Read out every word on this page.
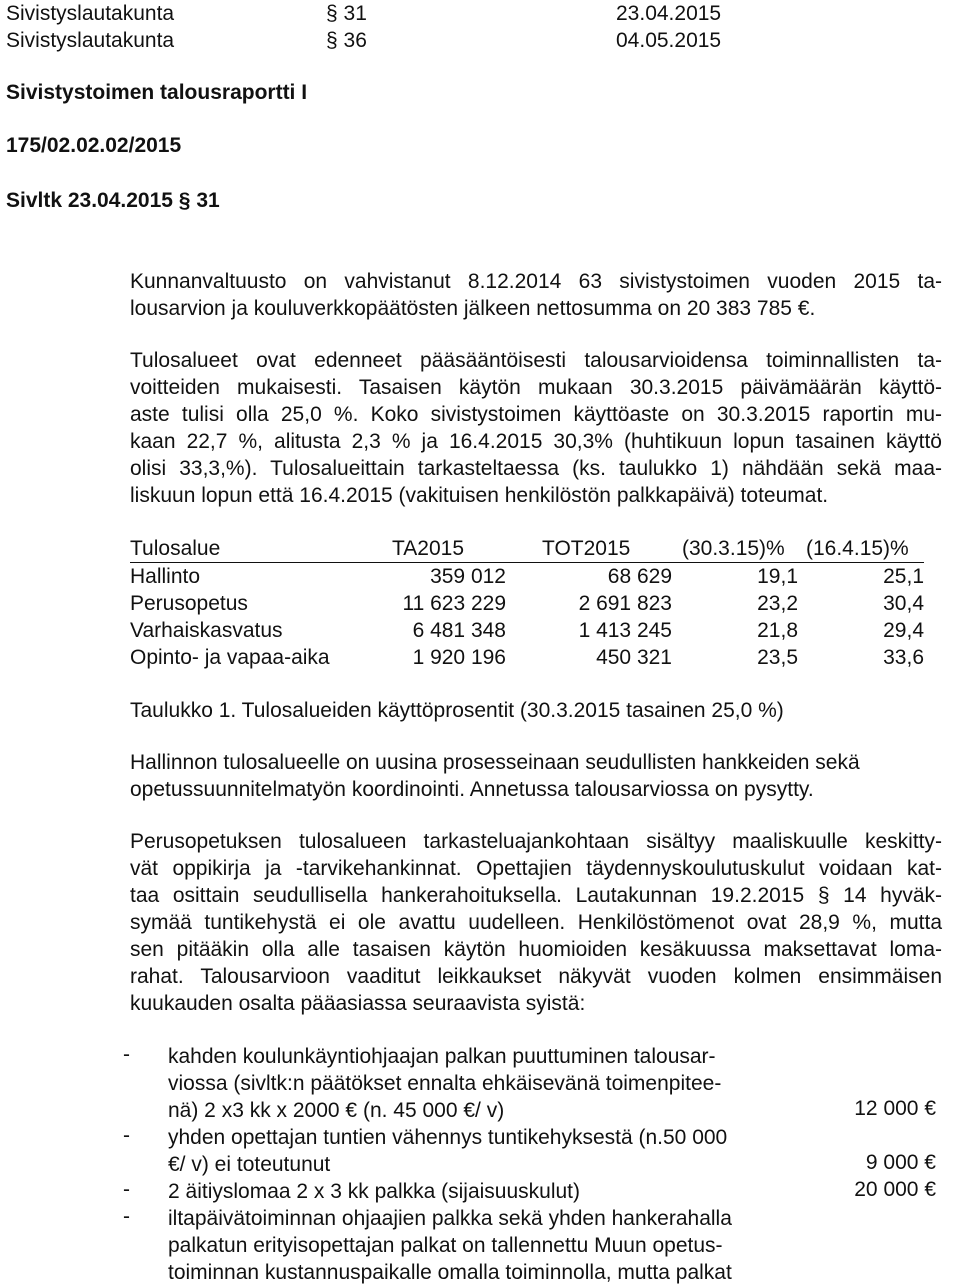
Sivistyslautakunta	§ 31	23.04.2015
Sivistyslautakunta	§ 36	04.05.2015
Sivistystoimen talousraportti I
175/02.02.02/2015
Sivltk 23.04.2015 § 31
Kunnanvaltuusto on vahvistanut 8.12.2014 63 sivistystoimen vuoden 2015 ta-
lousarvion ja kouluverkkopäätösten jälkeen nettosumma on 20 383 785 €.
Tulosalueet ovat edenneet pääsääntöisesti talousarvioidensa toiminnallisten ta-
voitteiden mukaisesti. Tasaisen käytön mukaan 30.3.2015 päivämäärän käyttö-
aste tulisi olla 25,0 %. Koko sivistystoimen käyttöaste on 30.3.2015 raportin mu-
kaan 22,7 %, alitusta 2,3 % ja 16.4.2015 30,3% (huhtikuun lopun tasainen käyttö
olisi 33,3,%). Tulosalueittain tarkasteltaessa (ks. taulukko 1) nähdään sekä maa-
liskuun lopun että 16.4.2015 (vakituisen henkilöstön palkkapäivä) toteumat.
Tulosalue	TA2015	TOT2015	(30.3.15)%	(16.4.15)%
Hallinto	359 012	68 629	19,1	25,1
Perusopetus	11 623 229	2 691 823	23,2	30,4
Varhaiskasvatus	6 481 348	1 413 245	21,8	29,4
Opinto- ja vapaa-aika	1 920 196	450 321	23,5	33,6
Taulukko 1. Tulosalueiden käyttöprosentit (30.3.2015 tasainen 25,0 %)
Hallinnon tulosalueelle on uusina prosesseinaan seudullisten hankkeiden sekä
opetussuunnitelmatyön koordinointi. Annetussa talousarviossa on pysytty.
Perusopetuksen tulosalueen tarkasteluajankohtaan sisältyy maaliskuulle keskitty-
vät oppikirja ja -tarvikehankinnat. Opettajien täydennyskoulutuskulut voidaan kat-
taa osittain seudullisella hankerahoituksella. Lautakunnan 19.2.2015 § 14 hyväk-
symää tuntikehystä ei ole avattu uudelleen. Henkilöstömenot ovat 28,9 %, mutta
sen pitääkin olla alle tasaisen käytön huomioiden kesäkuussa maksettavat loma-
rahat. Talousarvioon vaaditut leikkaukset näkyvät vuoden kolmen ensimmäisen
kuukauden osalta pääasiassa seuraavista syistä:
- kahden koulunkäyntiohjaajan palkan puuttuminen talousar-
viossa (sivltk:n päätökset ennalta ehkäisevänä toimenpitee-
nä) 2 x3 kk x 2000 € (n. 45 000 €/ v)	12 000 €
- yhden opettajan tuntien vähennys tuntikehyksestä (n.50 000
€/ v) ei toteutunut	9 000 €
- 2 äitiyslomaa 2 x 3 kk palkka (sijaisuuskulut)	20 000 €
- iltapäivätoiminnan ohjaajien palkka sekä yhden hankerahalla
palkatun erityisopettajan palkat on tallennettu Muun opetus-
toiminnan kustannuspaikalle omalla toiminnolla, mutta palkat
